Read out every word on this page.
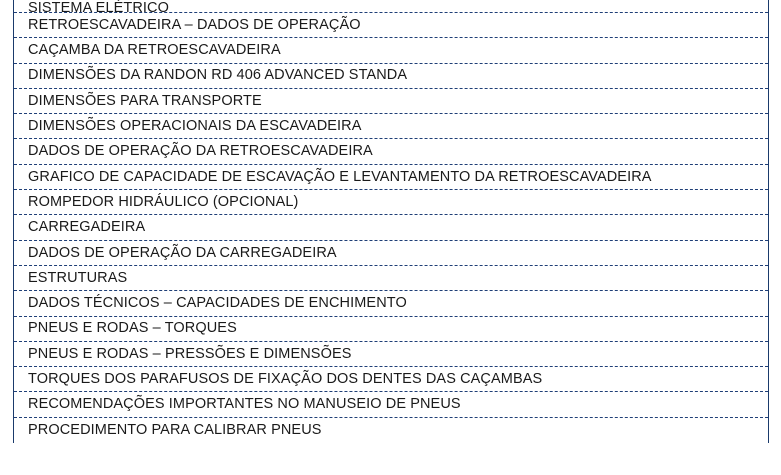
SISTEMA ELÉTRICO
RETROESCAVADEIRA – DADOS DE OPERAÇÃO
CAÇAMBA DA RETROESCAVADEIRA
DIMENSÕES DA RANDON RD 406 ADVANCED STANDA
DIMENSÕES PARA TRANSPORTE
DIMENSÕES OPERACIONAIS DA ESCAVADEIRA
DADOS DE OPERAÇÃO DA RETROESCAVADEIRA
GRAFICO DE CAPACIDADE DE ESCAVAÇÃO E LEVANTAMENTO DA RETROESCAVADEIRA
ROMPEDOR HIDRÁULICO (OPCIONAL)
CARREGADEIRA
DADOS DE OPERAÇÃO DA CARREGADEIRA
ESTRUTURAS
DADOS TÉCNICOS – CAPACIDADES DE ENCHIMENTO
PNEUS E RODAS – TORQUES
PNEUS E RODAS – PRESSÕES E DIMENSÕES
TORQUES DOS PARAFUSOS DE FIXAÇÃO DOS DENTES DAS CAÇAMBAS
RECOMENDAÇÕES IMPORTANTES NO MANUSEIO DE PNEUS
PROCEDIMENTO PARA CALIBRAR PNEUS
